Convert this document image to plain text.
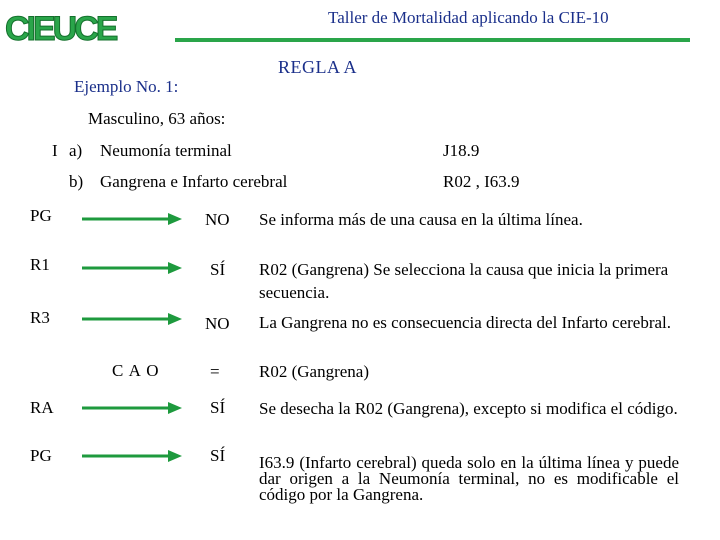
CIEUCE	Taller de Mortalidad aplicando la CIE-10
REGLA A
Ejemplo No. 1:
Masculino, 63 años:
I a) Neumonía terminal	J18.9
b) Gangrena e Infarto cerebral	R02 , I63.9
PG	NO Se informa más de una causa en la última línea.
R1	SÍ R02 (Gangrena) Se selecciona la causa que inicia la primera secuencia.
R3	NO La Gangrena no es consecuencia directa del Infarto cerebral.
C A O	= R02 (Gangrena)
RA	SÍ Se desecha la R02 (Gangrena), excepto si modifica el código.
PG	SÍ I63.9 (Infarto cerebral) queda solo en la última línea y puede dar origen a la Neumonía terminal, no es modificable el código por la Gangrena.
